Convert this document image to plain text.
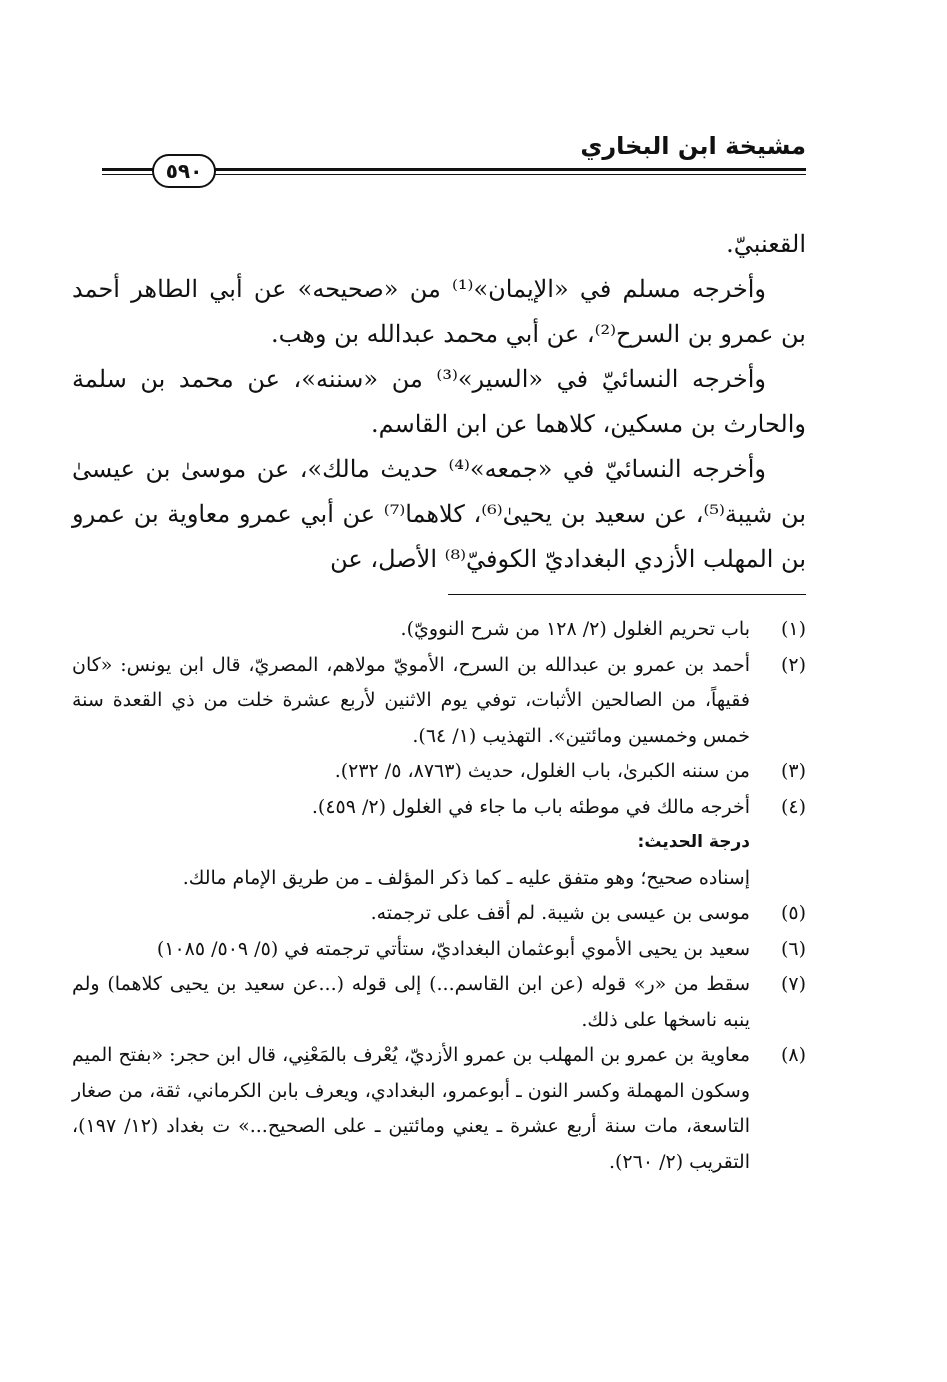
مشيخة ابن البخاري
٥٩٠

القعنبيّ.

وأخرجه مسلم في «الإيمان»⁽¹⁾ من «صحيحه» عن أبي الطاهر أحمد بن عمرو بن السرح⁽²⁾، عن أبي محمد عبدالله بن وهب.

وأخرجه النسائيّ في «السير»⁽³⁾ من «سننه»، عن محمد بن سلمة والحارث بن مسكين، كلاهما عن ابن القاسم.

وأخرجه النسائيّ في «جمعه»⁽⁴⁾ حديث مالك»، عن موسىٰ بن عيسىٰ بن شيبة⁽⁵⁾، عن سعيد بن يحيىٰ⁽⁶⁾، كلاهما⁽⁷⁾ عن أبي عمرو معاوية بن عمرو بن المهلب الأزدي البغداديّ الكوفيّ⁽⁸⁾ الأصل، عن

(١)
باب تحريم الغلول (٢/ ١٢٨ من شرح النوويّ).
(٢)
أحمد بن عمرو بن عبدالله بن السرح، الأمويّ مولاهم، المصريّ، قال ابن يونس: «كان فقيهاً، من الصالحين الأثبات، توفي يوم الاثنين لأربع عشرة خلت من ذي القعدة سنة خمس وخمسين ومائتين». التهذيب (١/ ٦٤).
(٣)
من سننه الكبرىٰ، باب الغلول، حديث (٨٧٦٣، ٥/ ٢٣٢).
(٤)
أخرجه مالك في موطئه باب ما جاء في الغلول (٢/ ٤٥٩).
درجة الحديث:
إسناده صحيح؛ وهو متفق عليه ـ كما ذكر المؤلف ـ من طريق الإمام مالك.
(٥)
موسى بن عيسى بن شيبة. لم أقف على ترجمته.
(٦)
سعيد بن يحيى الأموي أبوعثمان البغداديّ، ستأتي ترجمته في (٥/ ٥٠٩/ ١٠٨٥)
(٧)
سقط من «ر» قوله (عن ابن القاسم...) إلى قوله (...عن سعيد بن يحيى كلاهما) ولم ينبه ناسخها على ذلك.
(٨)
معاوية بن عمرو بن المهلب بن عمرو الأزديّ، يُعْرف بالمَعْنِي، قال ابن حجر: «بفتح الميم وسكون المهملة وكسر النون ـ أبوعمرو، البغدادي، ويعرف بابن الكرماني، ثقة، من صغار التاسعة، مات سنة أربع عشرة ـ يعني ومائتين ـ على الصحيح...» ت بغداد (١٢/ ١٩٧)، التقريب (٢/ ٢٦٠).
